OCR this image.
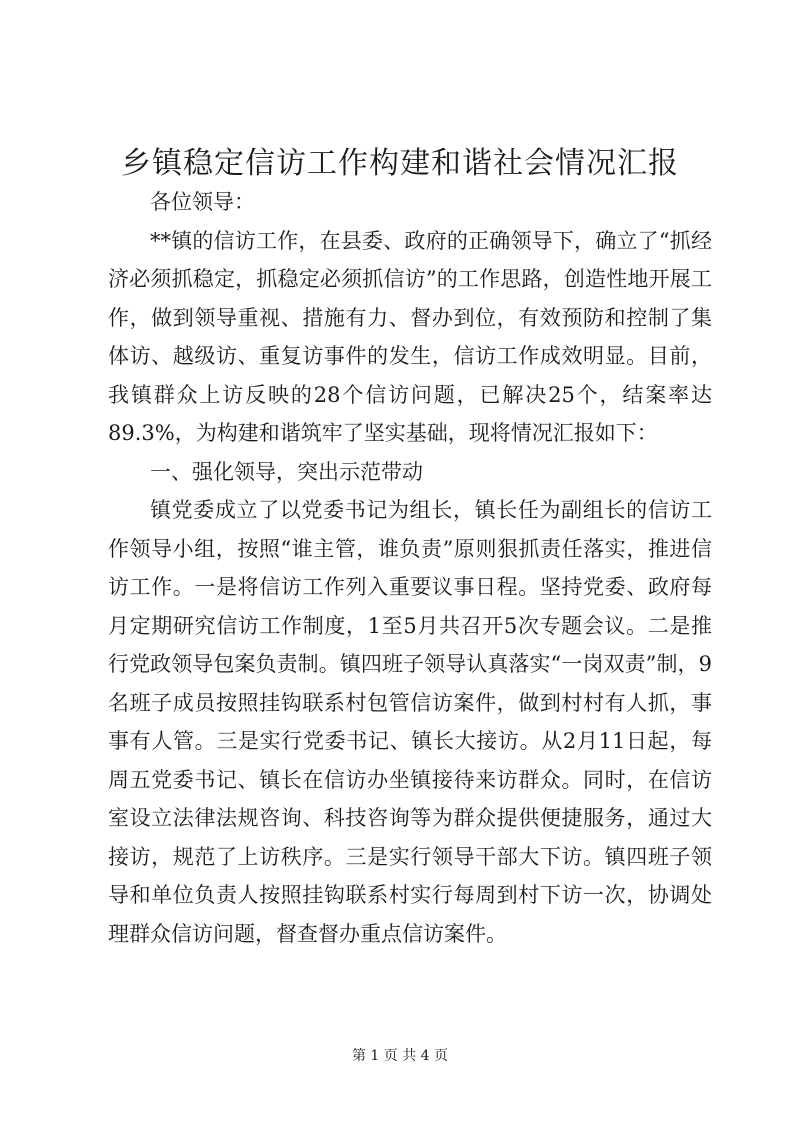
乡镇稳定信访工作构建和谐社会情况汇报

各位领导：

**镇的信访工作，在县委、政府的正确领导下，确立了“抓经济必须抓稳定，抓稳定必须抓信访”的工作思路，创造性地开展工作，做到领导重视、措施有力、督办到位，有效预防和控制了集体访、越级访、重复访事件的发生，信访工作成效明显。目前，我镇群众上访反映的28个信访问题，已解决25个，结案率达89.3%，为构建和谐筑牢了坚实基础，现将情况汇报如下：

一、强化领导，突出示范带动

镇党委成立了以党委书记为组长，镇长任为副组长的信访工作领导小组，按照“谁主管，谁负责”原则狠抓责任落实，推进信访工作。一是将信访工作列入重要议事日程。坚持党委、政府每月定期研究信访工作制度，1至5月共召开5次专题会议。二是推行党政领导包案负责制。镇四班子领导认真落实“一岗双责”制，9名班子成员按照挂钩联系村包管信访案件，做到村村有人抓，事事有人管。三是实行党委书记、镇长大接访。从2月11日起，每周五党委书记、镇长在信访办坐镇接待来访群众。同时，在信访室设立法律法规咨询、科技咨询等为群众提供便捷服务，通过大接访，规范了上访秩序。三是实行领导干部大下访。镇四班子领导和单位负责人按照挂钩联系村实行每周到村下访一次，协调处理群众信访问题，督查督办重点信访案件。

第 1 页 共 4 页
